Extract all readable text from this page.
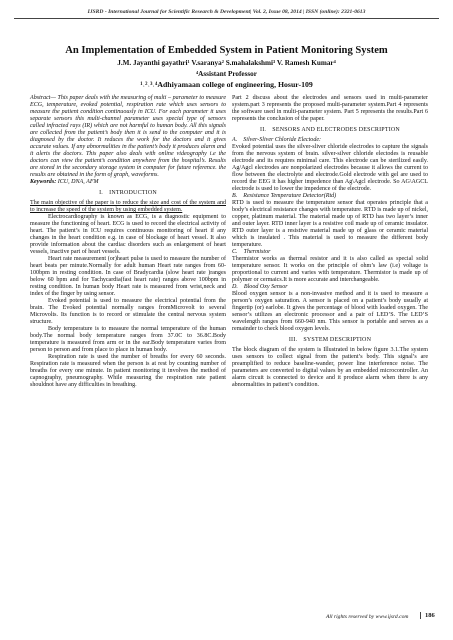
IJSRD - International Journal for Scientific Research & Development| Vol. 2, Issue 08, 2014 | ISSN (online): 2321-0613
An Implementation of Embedded System in Patient Monitoring System
J.M. Jayanthi gayathri¹ V.saranya² S.mahalakshmi³ V. Ramesh Kumar⁴
⁴Assistant Professor
¹˒²˒³˒⁴Adhiyamaan college of engineering, Hosur-109

Abstract— This paper deals with the measuring of multi – parameter to measure ECG, temperature, evoked potential, respiration rate which uses sensors to measure the patient condition continuously in ICU. For each parameter it uses separate sensors this multi-channel parameter uses special type of sensors called infracted rays (IR) which are not harmful to human body. All this signals are collected from the patient’s body then it is send to the computer and it is diagnosed by the doctor. It reduces the work for the doctors and it gives accurate values. If any abnormalities in the patient’s body it produces alarm and it alerts the doctors. This paper also deals with online videography i.e the doctors can view the patient’s condition anywhere from the hospital’s. Results are stored in the secondary storage system in computer for future reference. the results are obtained in the form of graph, waveforms.

Keywords: ICU, DNA, AFM

I. INTRODUCTION

The main objective of the paper is to reduce the size and cost of the system and to increase the speed of the system by using embedded system.

Electrocardiography is known as ECG, is a diagnostic equipment to measure the functioning of heart. ECG is used to record the electrical activity of heart. The patient’s in ICU requires continuous monitoring of heart if any changes in the heart condition e.g. in case of blockage of heart vessel. It also provide information about the cardiac disorders such as enlargement of heart vessels, inactive part of heart vessels.

Heart rate measurement (or)heart pulse is used to measure the number of heart beats per minute.Normally for adult human Heart rate ranges from 60-100bpm in resting condition. In case of Bradycardia (slow heart rate )ranges below 60 bpm and for Tachycardia(fast heart rate) ranges above 100bpm in resting condition. In human body Heart rate is measured from wrist,neck and index of the finger by using sensor.

Evoked potential is used to measure the electrical potential from the brain. The Evoked potential normally ranges fromMicrovolt to several Microvolts. Its function is to record or stimulate the central nervous system structure.

Body temperature is to measure the normal temperature of the human body.The normal body temperature ranges from 37.0C to 36.8C.Body temperature is measured from arm or in the ear.Body temperature varies from person to person and from place to place in human body.

Respiration rate is used the number of breaths for every 60 seconds. Respiration rate is measured when the person is at rest by counting number of breaths for every one minute. In patient monitoring it involves the method of capnography, pneumography. While measuring the respiration rate patient shouldnot have any difficulties in breathing.

Part 2 discuss about the electrodes and sensors used in multi-parameter system.part 3 represents the proposed multi-parameter system.Part 4 represents the software used in multi-parameter system. Part 5 represents the results.Part 6 represents the conclusion of the paper.

II. SENSORS AND ELECTRODES DESCRIPTION

A. Silver-Sliver Chloride Electode:

Evoked potential uses the silver-sliver chloride electrodes to capture the signals from the nervous system of brain. silver-silver chloride electodes is reusable electrode and its requires minimal care. This electrode can be sterilized easily. Ag/Agcl electrodes are nonpolarized electrodes because it allows the current to flow between the electrolyte and electrode.Gold electrode with gel are used to record the EEG it has higher impedence than Ag\Agcl electrode. So AG\AGCL electrode is used to lower the impedence of the electrode.

B. Resistance Temperature Detector(Rtd)

RTD is used to measure the temperature sensor that operates principle that a body’s electrical resistance changes with temperature. RTD is made up of nickel, copper, platinum material. The material made up of RTD has two layer’s inner and outer layer. RTD inner layer is a resistive coil made up of ceramic insulator. RTD outer layer is a resistive material made up of glass or ceramic material which is insulated . This material is used to measure the different body temperature.

C. Thermistor

Thermistor works as thermal resistor and it is also called as special solid temperature sensor. It works on the principle of ohm’s law (i.e) voltage is proportional to current and varies with temperature. Thermistor is made up of polymer or cermaics.It is more accurate and interchangeable.

D. Blood Oxy Sensor

Blood oxygen sensor is a non-invasive method and it is used to measure a person’s oxygen saturation. A sensor is placed on a patient’s body usually at fingertip (or) earlobe. It gives the percentage of blood with loaded oxygen. The sensor’s utilizes an electronic processor and a pair of LED’S. The LED’S wavelength ranges from 660-940 nm. This sensor is portable and serves as a remainder to check blood oxygen levels.

III. SYSTEM DESCRIPTION

The block diagram of the system is Illustrated in below figure 3.1.The system uses sensors to collect signal from the patient’s body. This signal’s are preamplified to reduce baseline-wander, power line interference noise. The parameters are converted to digital values by an embedded microcontroller. An alarm circuit is connected to device and it produce alarm when there is any abnormalities in patient’s condition.

All rights reserved by www.ijsrd.com	186
